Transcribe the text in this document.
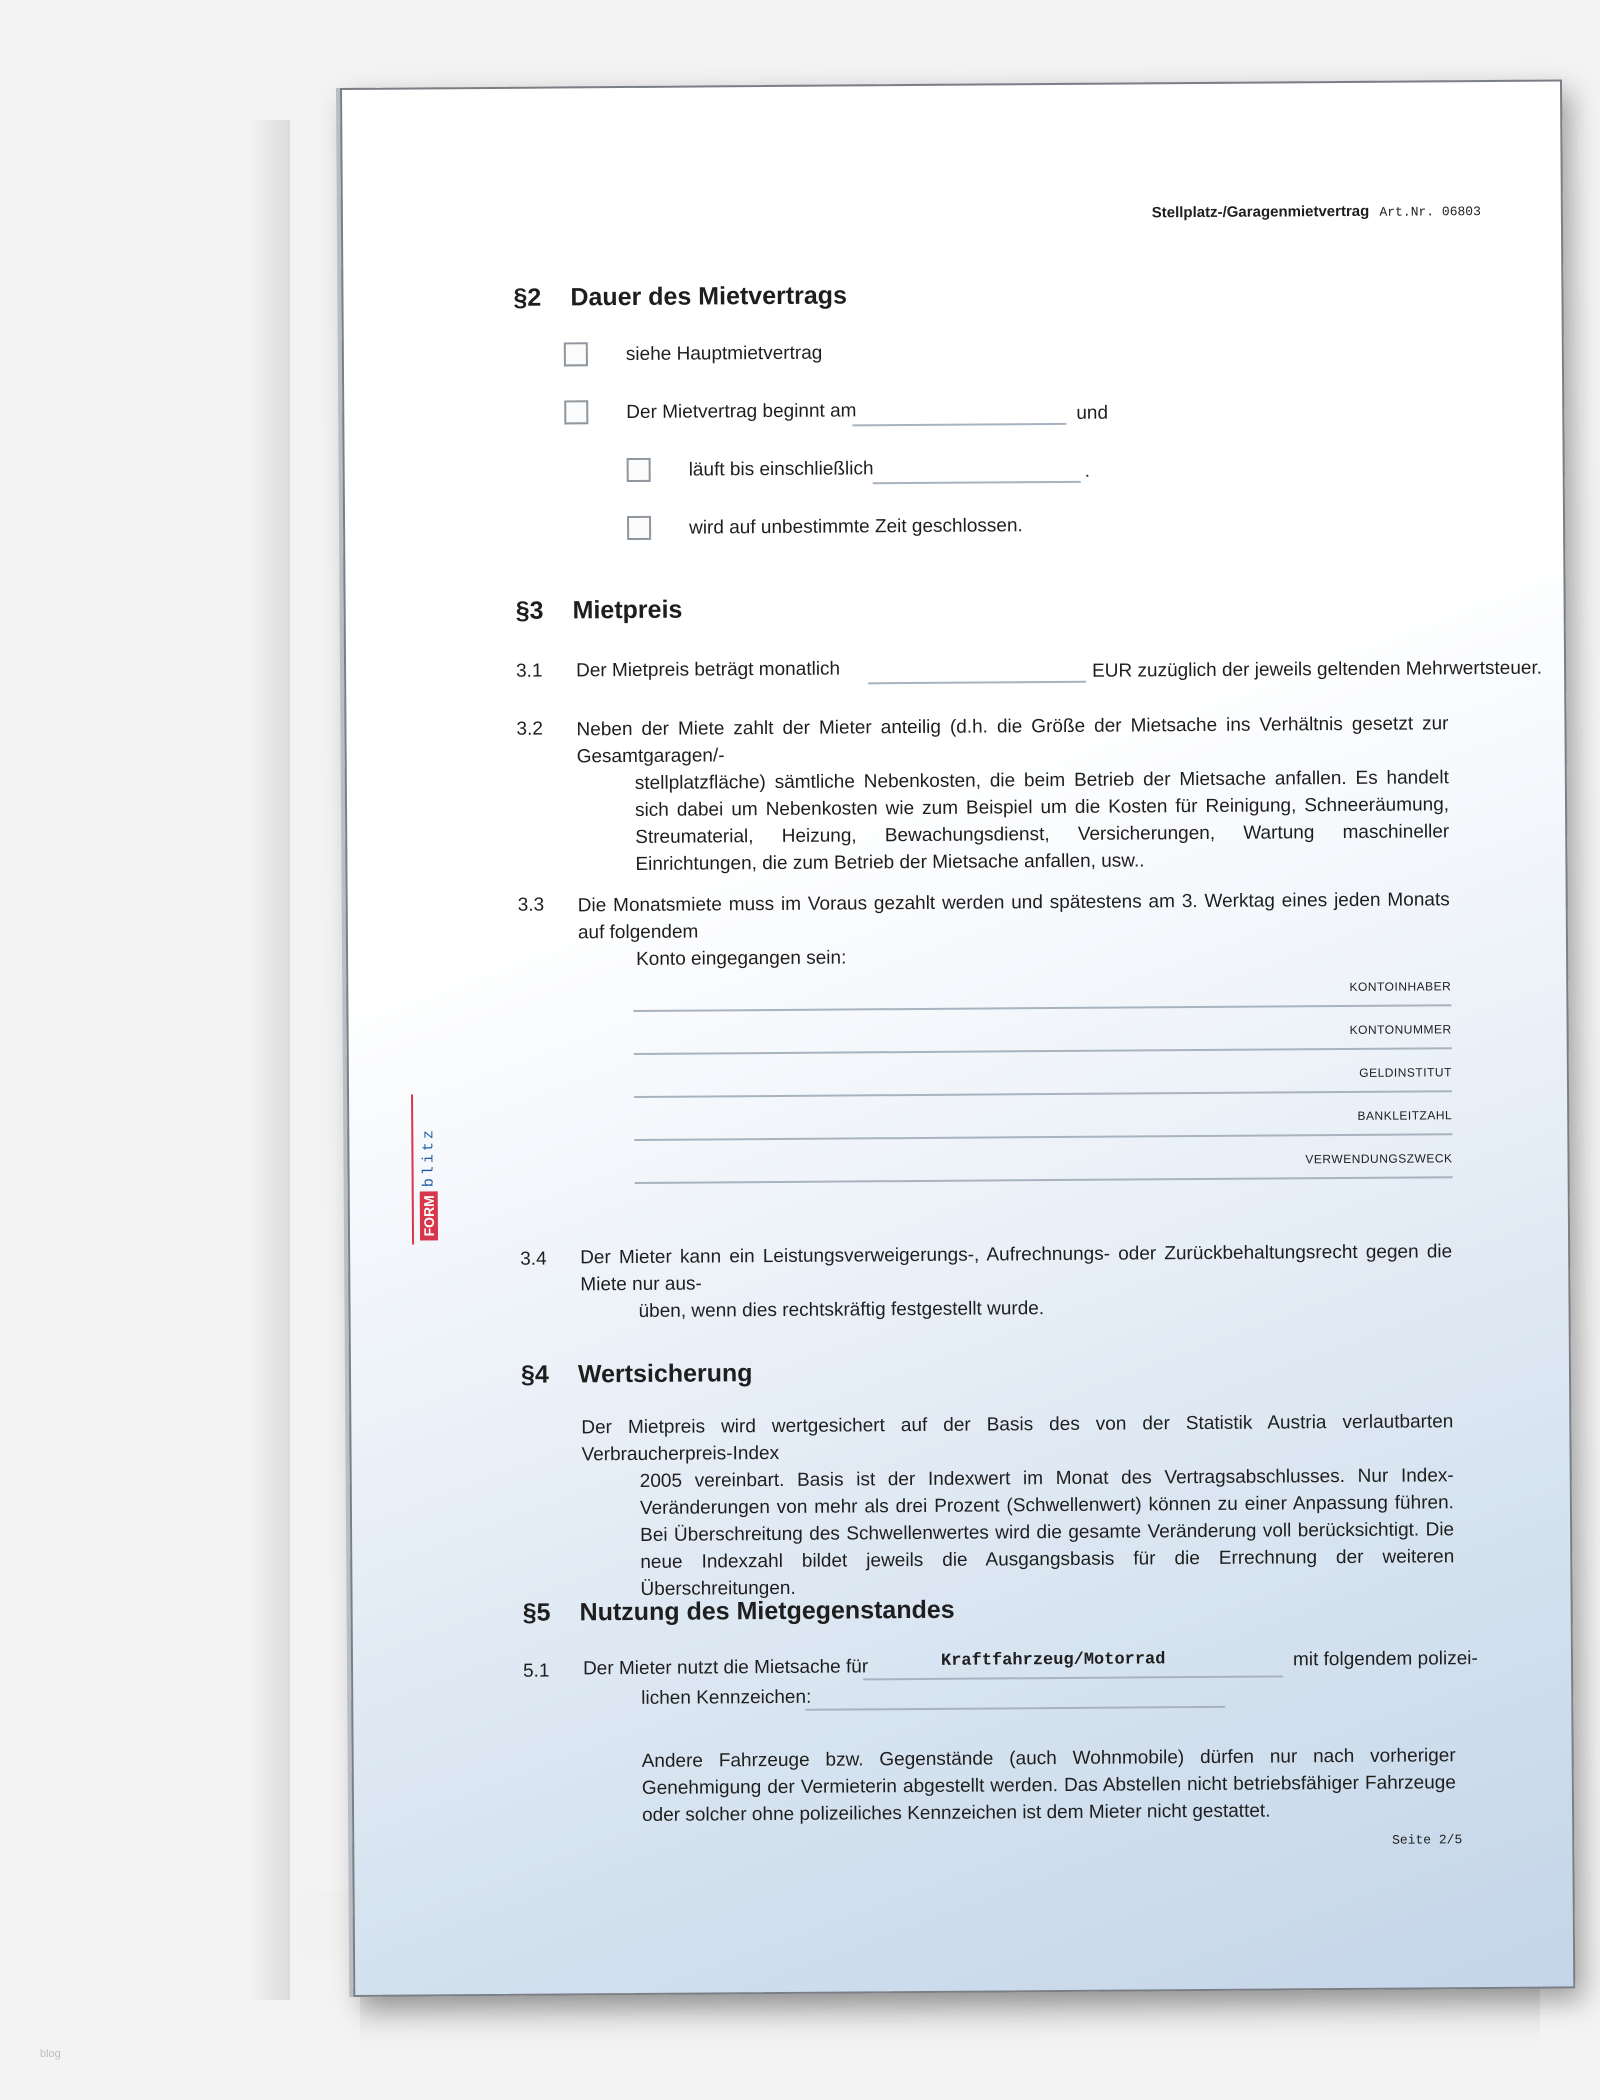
Stellplatz-/Garagenmietvertrag Art.Nr. 06803
FORM
blitz
§2 Dauer des Mietvertrags
siehe Hauptmietvertrag
Der Mietvertrag beginnt am	und
läuft bis einschließlich	.
wird auf unbestimmte Zeit geschlossen.
§3 Mietpreis
3.1 Der Mietpreis beträgt monatlich	EUR zuzüglich der jeweils geltenden Mehrwertsteuer.
3.2 Neben der Miete zahlt der Mieter anteilig (d.h. die Größe der Mietsache ins Verhältnis gesetzt zur Gesamtgaragen/-
stellplatzfläche) sämtliche Nebenkosten, die beim Betrieb der Mietsache anfallen. Es handelt sich dabei um Nebenkosten wie zum Beispiel um die Kosten für Reinigung, Schneeräumung, Streumaterial, Heizung, Bewachungsdienst, Versicherungen, Wartung maschineller Einrichtungen, die zum Betrieb der Mietsache anfallen, usw..
3.3 Die Monatsmiete muss im Voraus gezahlt werden und spätestens am 3. Werktag eines jeden Monats auf folgendem
Konto eingegangen sein:
KONTOINHABER
KONTONUMMER
GELDINSTITUT
BANKLEITZAHL
VERWENDUNGSZWECK
3.4 Der Mieter kann ein Leistungsverweigerungs-, Aufrechnungs- oder Zurückbehaltungsrecht gegen die Miete nur aus-
üben, wenn dies rechtskräftig festgestellt wurde.
§4 Wertsicherung
Der Mietpreis wird wertgesichert auf der Basis des von der Statistik Austria verlautbarten Verbraucherpreis-Index
2005 vereinbart. Basis ist der Indexwert im Monat des Vertragsabschlusses. Nur Index-Veränderungen von mehr als drei Prozent (Schwellenwert) können zu einer Anpassung führen. Bei Überschreitung des Schwellenwertes wird die gesamte Veränderung voll berücksichtigt. Die neue Indexzahl bildet jeweils die Ausgangsbasis für die Errechnung der weiteren Überschreitungen.
§5 Nutzung des Mietgegenstandes
5.1 Der Mieter nutzt die Mietsache für	Kraftfahrzeug/Motorrad	mit folgendem polizei-
lichen Kennzeichen:
Andere Fahrzeuge bzw. Gegenstände (auch Wohnmobile) dürfen nur nach vorheriger Genehmigung der Vermieterin abgestellt werden. Das Abstellen nicht betriebsfähiger Fahrzeuge oder solcher ohne polizeiliches Kennzeichen ist dem Mieter nicht gestattet.
Seite 2/5
blog
